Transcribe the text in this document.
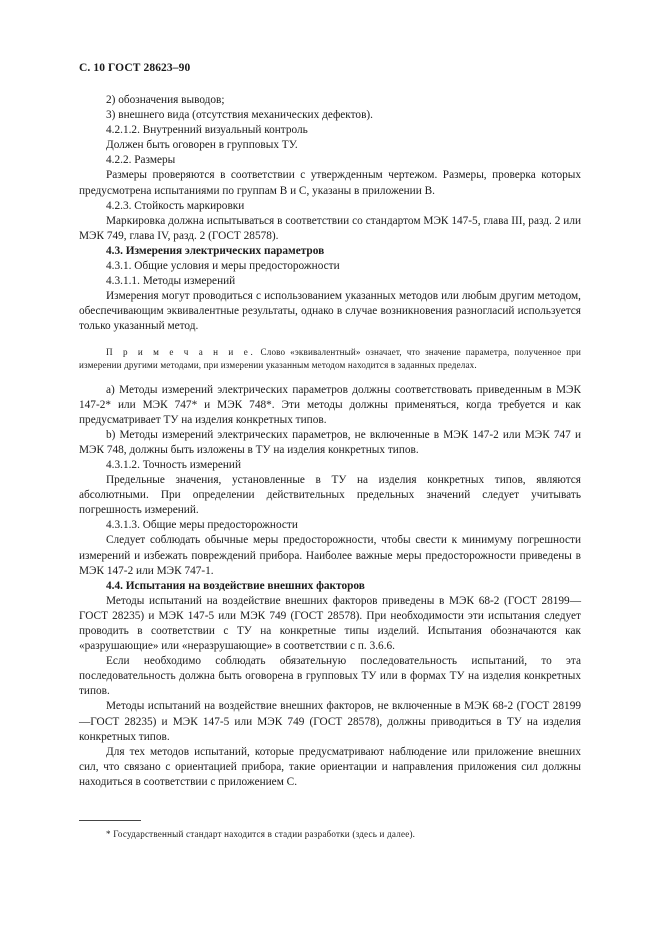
С. 10 ГОСТ 28623–90

2) обозначения выводов;

3) внешнего вида (отсутствия механических дефектов).

4.2.1.2. Внутренний визуальный контроль

Должен быть оговорен в групповых ТУ.

4.2.2. Размеры

Размеры проверяются в соответствии с утвержденным чертежом. Размеры, проверка которых предусмотрена испытаниями по группам В и С, указаны в приложении В.

4.2.3. Стойкость маркировки

Маркировка должна испытываться в соответствии со стандартом МЭК 147-5, глава III, разд. 2 или МЭК 749, глава IV, разд. 2 (ГОСТ 28578).

4.3. Измерения электрических параметров

4.3.1. Общие условия и меры предосторожности

4.3.1.1. Методы измерений

Измерения могут проводиться с использованием указанных методов или любым другим методом, обеспечивающим эквивалентные результаты, однако в случае возникновения разногласий используется только указанный метод.

П р и м е ч а н и е. Слово «эквивалентный» означает, что значение параметра, полученное при измерении другими методами, при измерении указанным методом находится в заданных пределах.

a) Методы измерений электрических параметров должны соответствовать приведенным в МЭК 147-2* или МЭК 747* и МЭК 748*. Эти методы должны применяться, когда требуется и как предусматривает ТУ на изделия конкретных типов.

b) Методы измерений электрических параметров, не включенные в МЭК 147-2 или МЭК 747 и МЭК 748, должны быть изложены в ТУ на изделия конкретных типов.

4.3.1.2. Точность измерений

Предельные значения, установленные в ТУ на изделия конкретных типов, являются абсолютными. При определении действительных предельных значений следует учитывать погрешность измерений.

4.3.1.3. Общие меры предосторожности

Следует соблюдать обычные меры предосторожности, чтобы свести к минимуму погрешности измерений и избежать повреждений прибора. Наиболее важные меры предосторожности приведены в МЭК 147-2 или МЭК 747-1.

4.4. Испытания на воздействие внешних факторов

Методы испытаний на воздействие внешних факторов приведены в МЭК 68-2 (ГОСТ 28199—ГОСТ 28235) и МЭК 147-5 или МЭК 749 (ГОСТ 28578). При необходимости эти испытания следует проводить в соответствии с ТУ на конкретные типы изделий. Испытания обозначаются как «разрушающие» или «неразрушающие» в соответствии с п. 3.6.6.

Если необходимо соблюдать обязательную последовательность испытаний, то эта последовательность должна быть оговорена в групповых ТУ или в формах ТУ на изделия конкретных типов.

Методы испытаний на воздействие внешних факторов, не включенные в МЭК 68-2 (ГОСТ 28199—ГОСТ 28235) и МЭК 147-5 или МЭК 749 (ГОСТ 28578), должны приводиться в ТУ на изделия конкретных типов.

Для тех методов испытаний, которые предусматривают наблюдение или приложение внешних сил, что связано с ориентацией прибора, такие ориентации и направления приложения сил должны находиться в соответствии с приложением С.

* Государственный стандарт находится в стадии разработки (здесь и далее).
